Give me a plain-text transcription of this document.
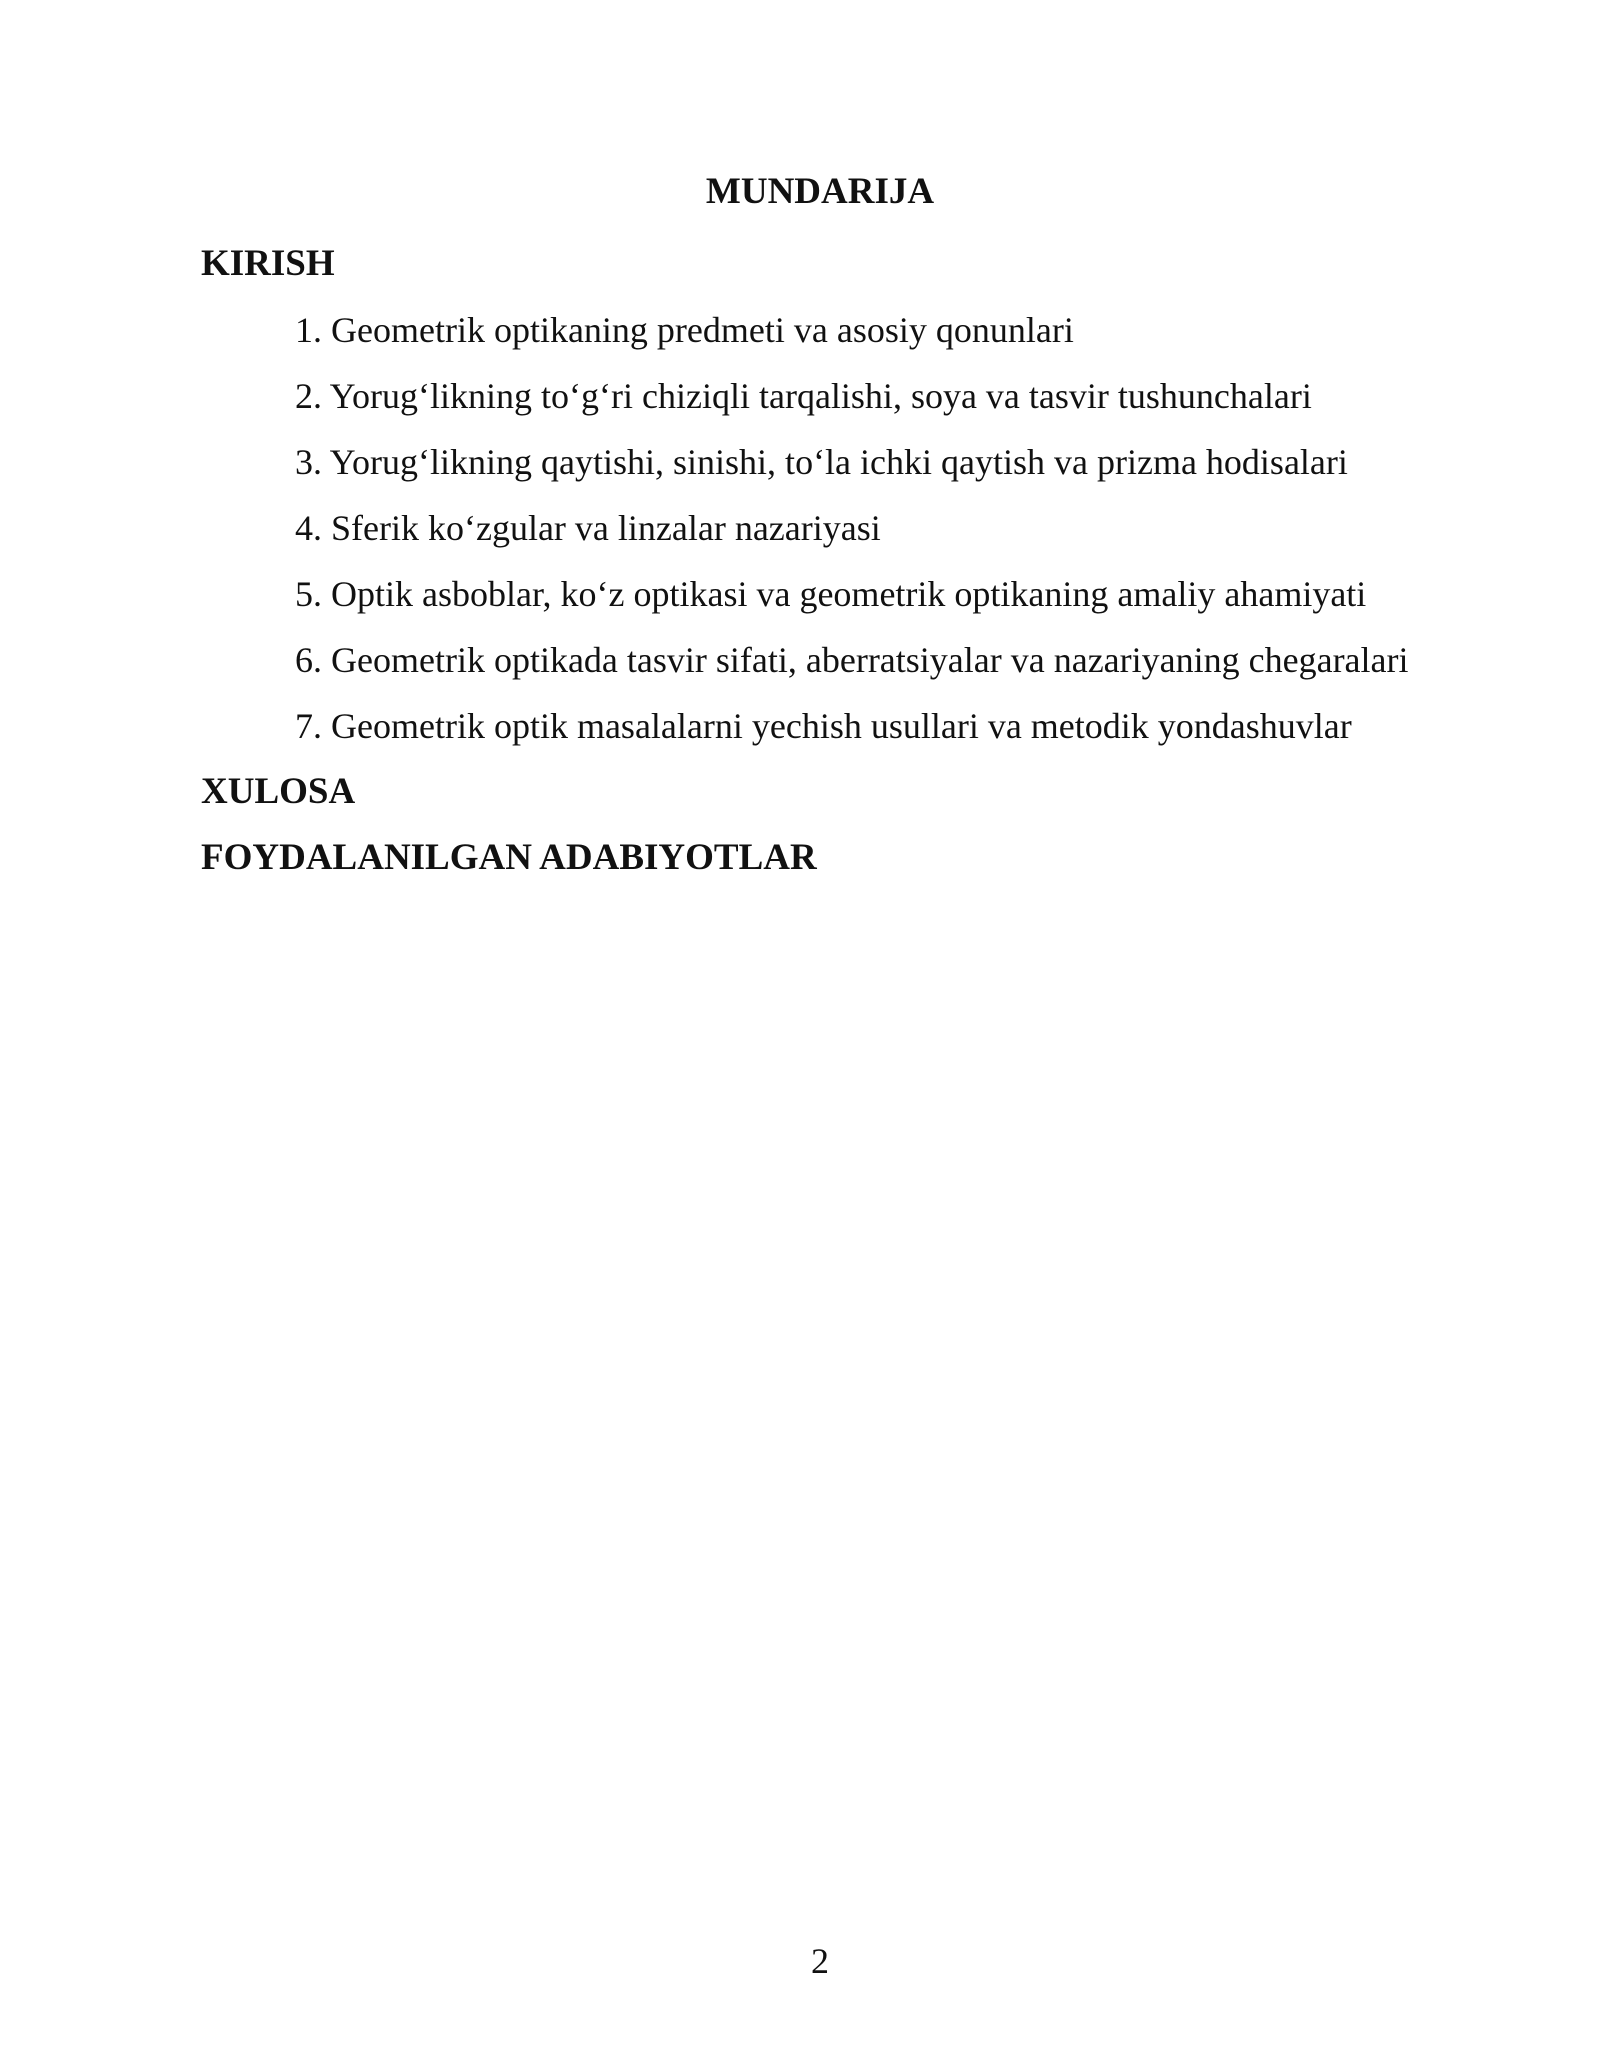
MUNDARIJA
KIRISH
1. Geometrik optikaning predmeti va asosiy qonunlari
2. Yorug‘likning to‘g‘ri chiziqli tarqalishi, soya va tasvir tushunchalari
3. Yorug‘likning qaytishi, sinishi, to‘la ichki qaytish va prizma hodisalari
4. Sferik ko‘zgular va linzalar nazariyasi
5. Optik asboblar, ko‘z optikasi va geometrik optikaning amaliy ahamiyati
6. Geometrik optikada tasvir sifati, aberratsiyalar va nazariyaning chegaralari
7. Geometrik optik masalalarni yechish usullari va metodik yondashuvlar
XULOSA
FOYDALANILGAN ADABIYOTLAR
2
